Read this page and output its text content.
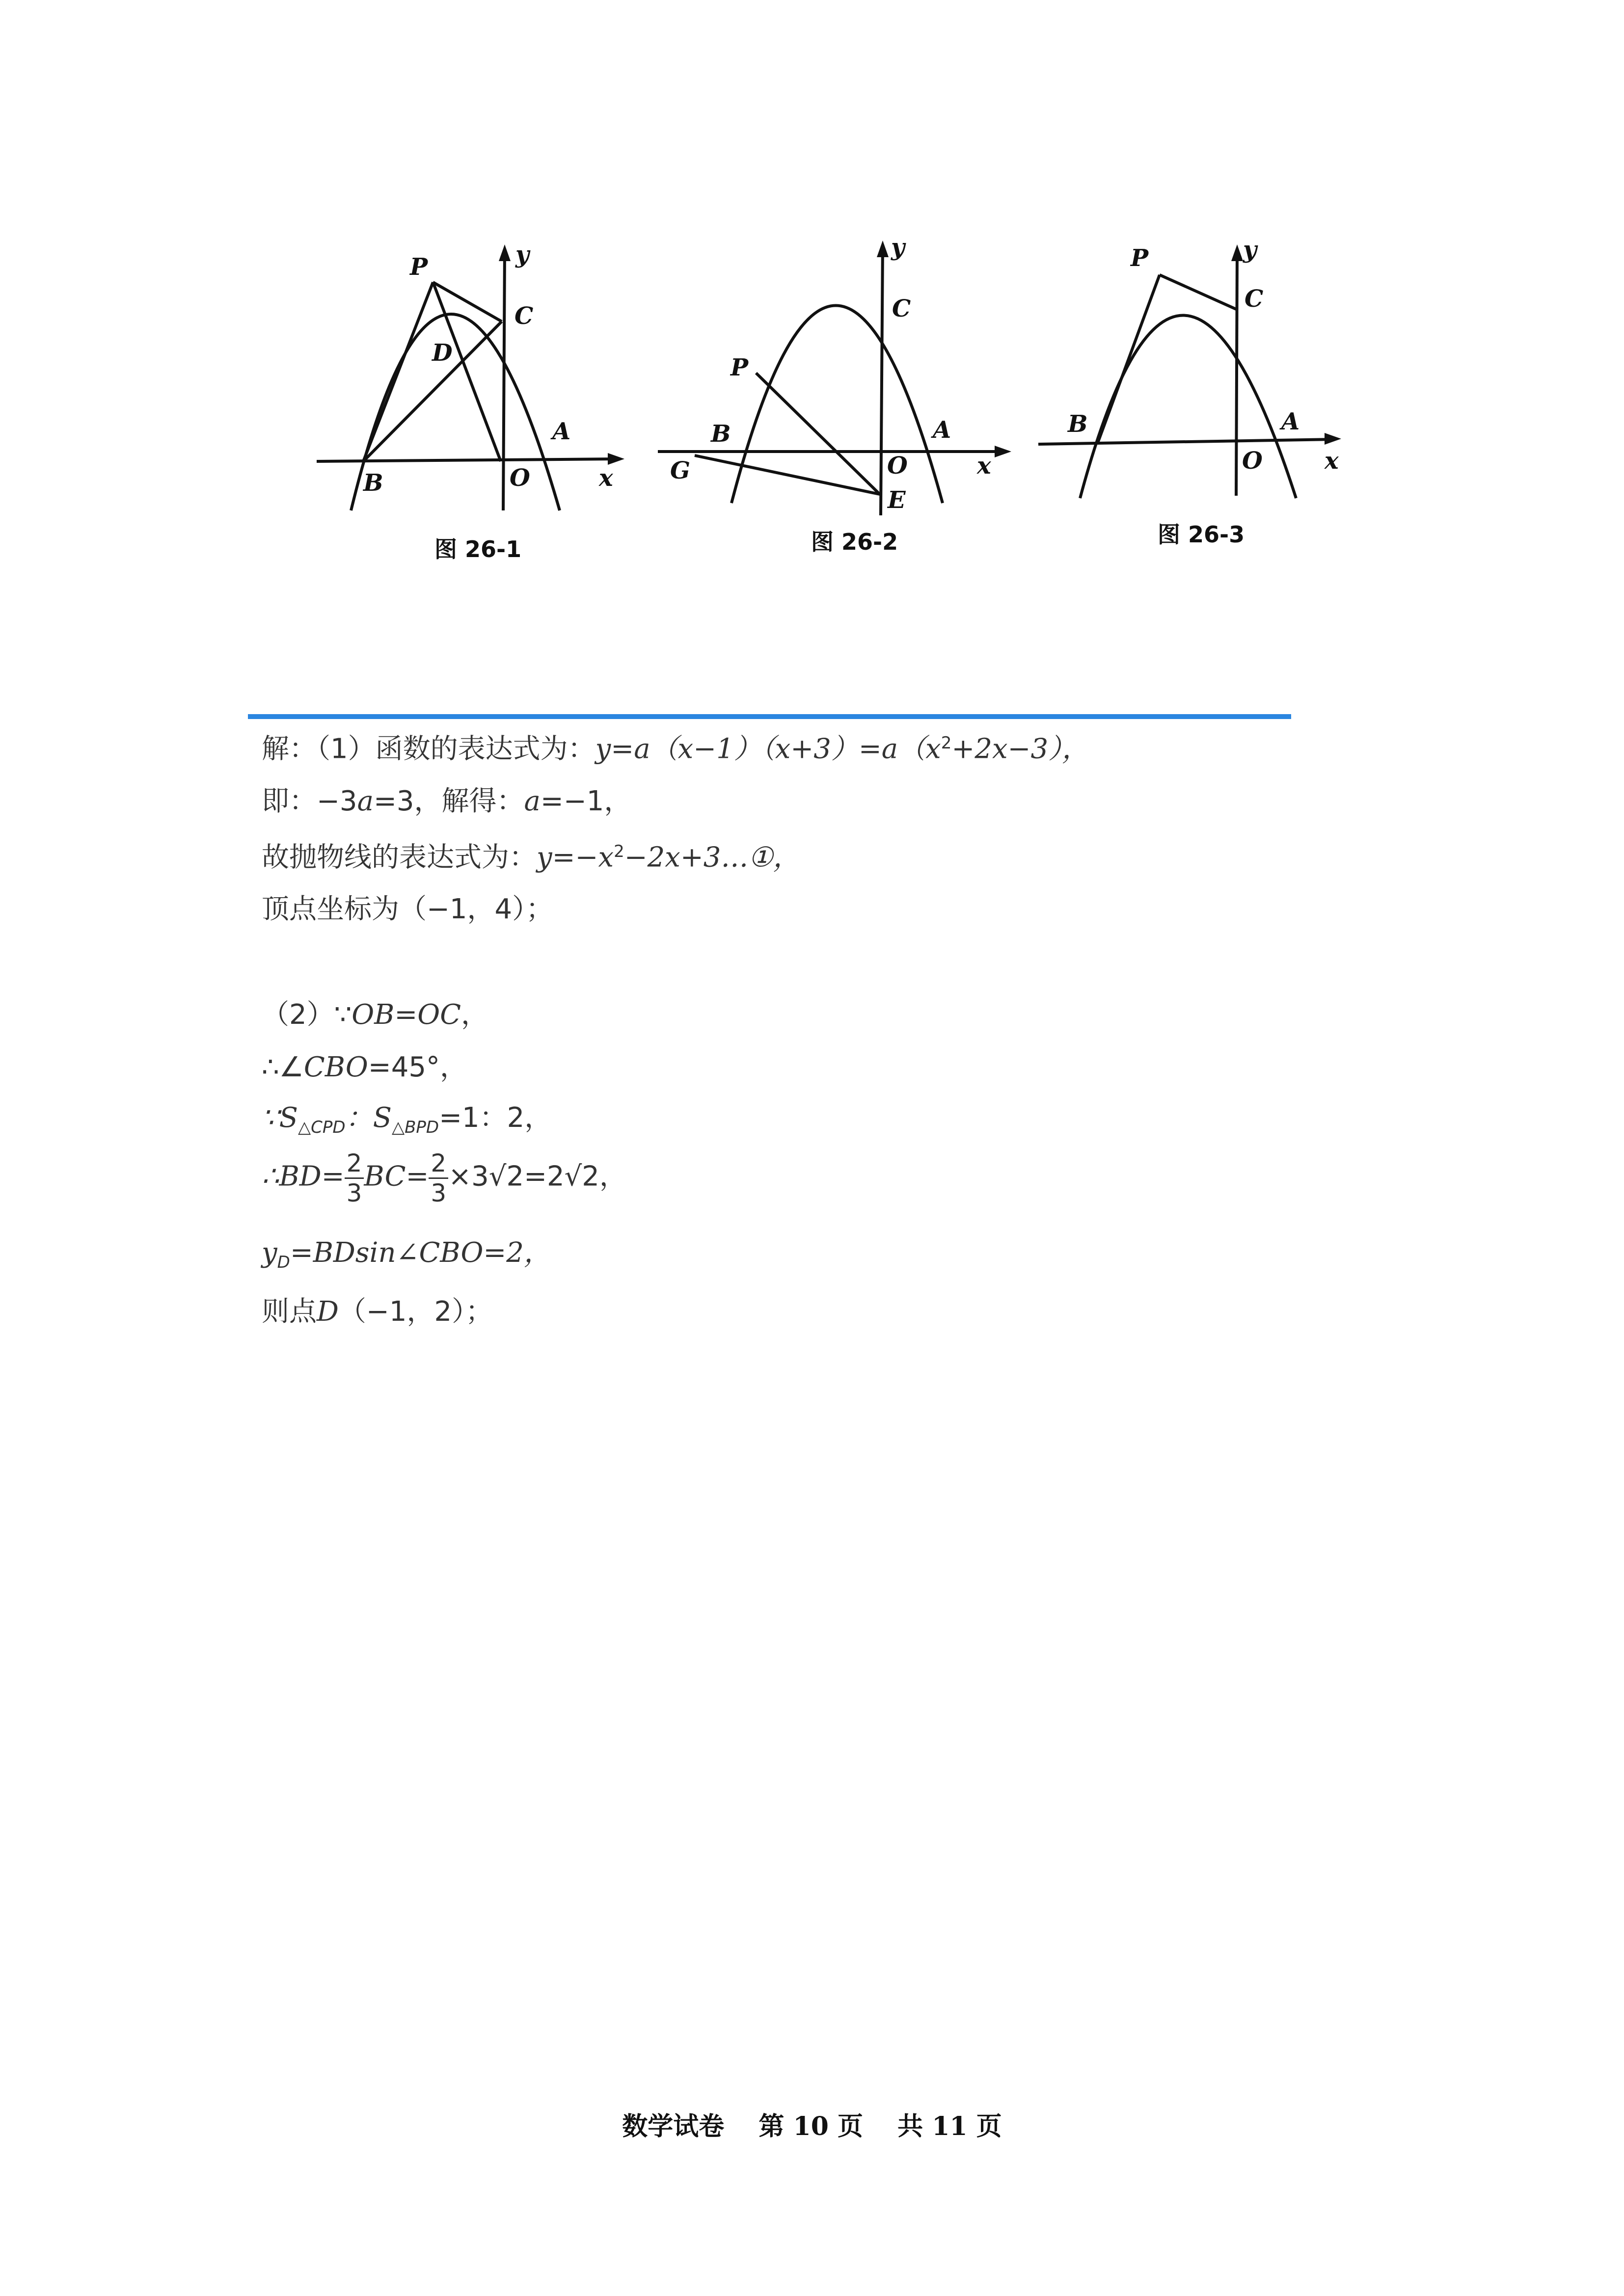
P
C
D
y
A
B	O	x
图 26-1
y
C
P
B	A
G	O	x
E
图 26-2
P	y
C
B	A
O	x
图 26-3
解：（1）函数的表达式为：$y=a(x-1)(x+3)=a(x^2+2x-3)$，
即：−3a=3，解得：a=−1，
故抛物线的表达式为：$y=-x^2-2x+3\dots ①$，
顶点坐标为（−1，4）；
（2）∵OB=OC，
∴∠CBO=45°，
$\because S_{\triangle CPD}$：$S_{\triangle BPD}=1$：2，
∴BD= $\frac{2}{3} BC= \frac{2}{3} \times 3√2=2√2$，
$y_D=BDsin\angle CBO=2$，
则点D（−1，2）；
数学试卷 第 10 页 共 11 页
